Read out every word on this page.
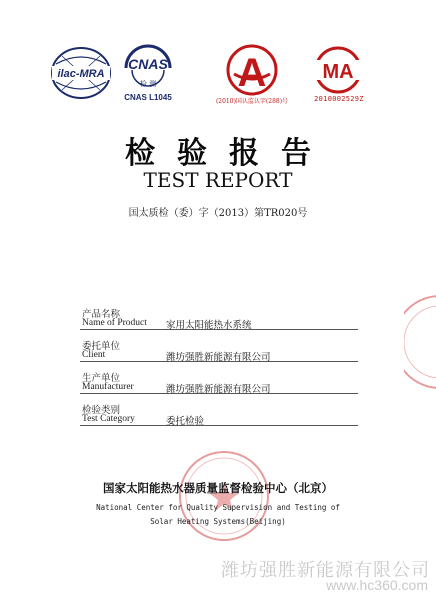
ilac-MRA
CNAS
检 测
CNAS L1045
A
(2010)国认监认字(288)号
MA
2010002529Z
检验报告
TEST REPORT
国太质检（委）字（2013）第TR020号
产品名称
Name of Product 家用太阳能热水系统
委托单位
Client	潍坊强胜新能源有限公司
生产单位
Manufacturer	潍坊强胜新能源有限公司
检验类别
Test Category	委托检验
国家太阳能热水器质量监督检验中心（北京）
National Center for Quality Supervision and Testing of
Solar Heating Systems(Beijing)
潍坊强胜新能源有限公司
www.hc360.com
